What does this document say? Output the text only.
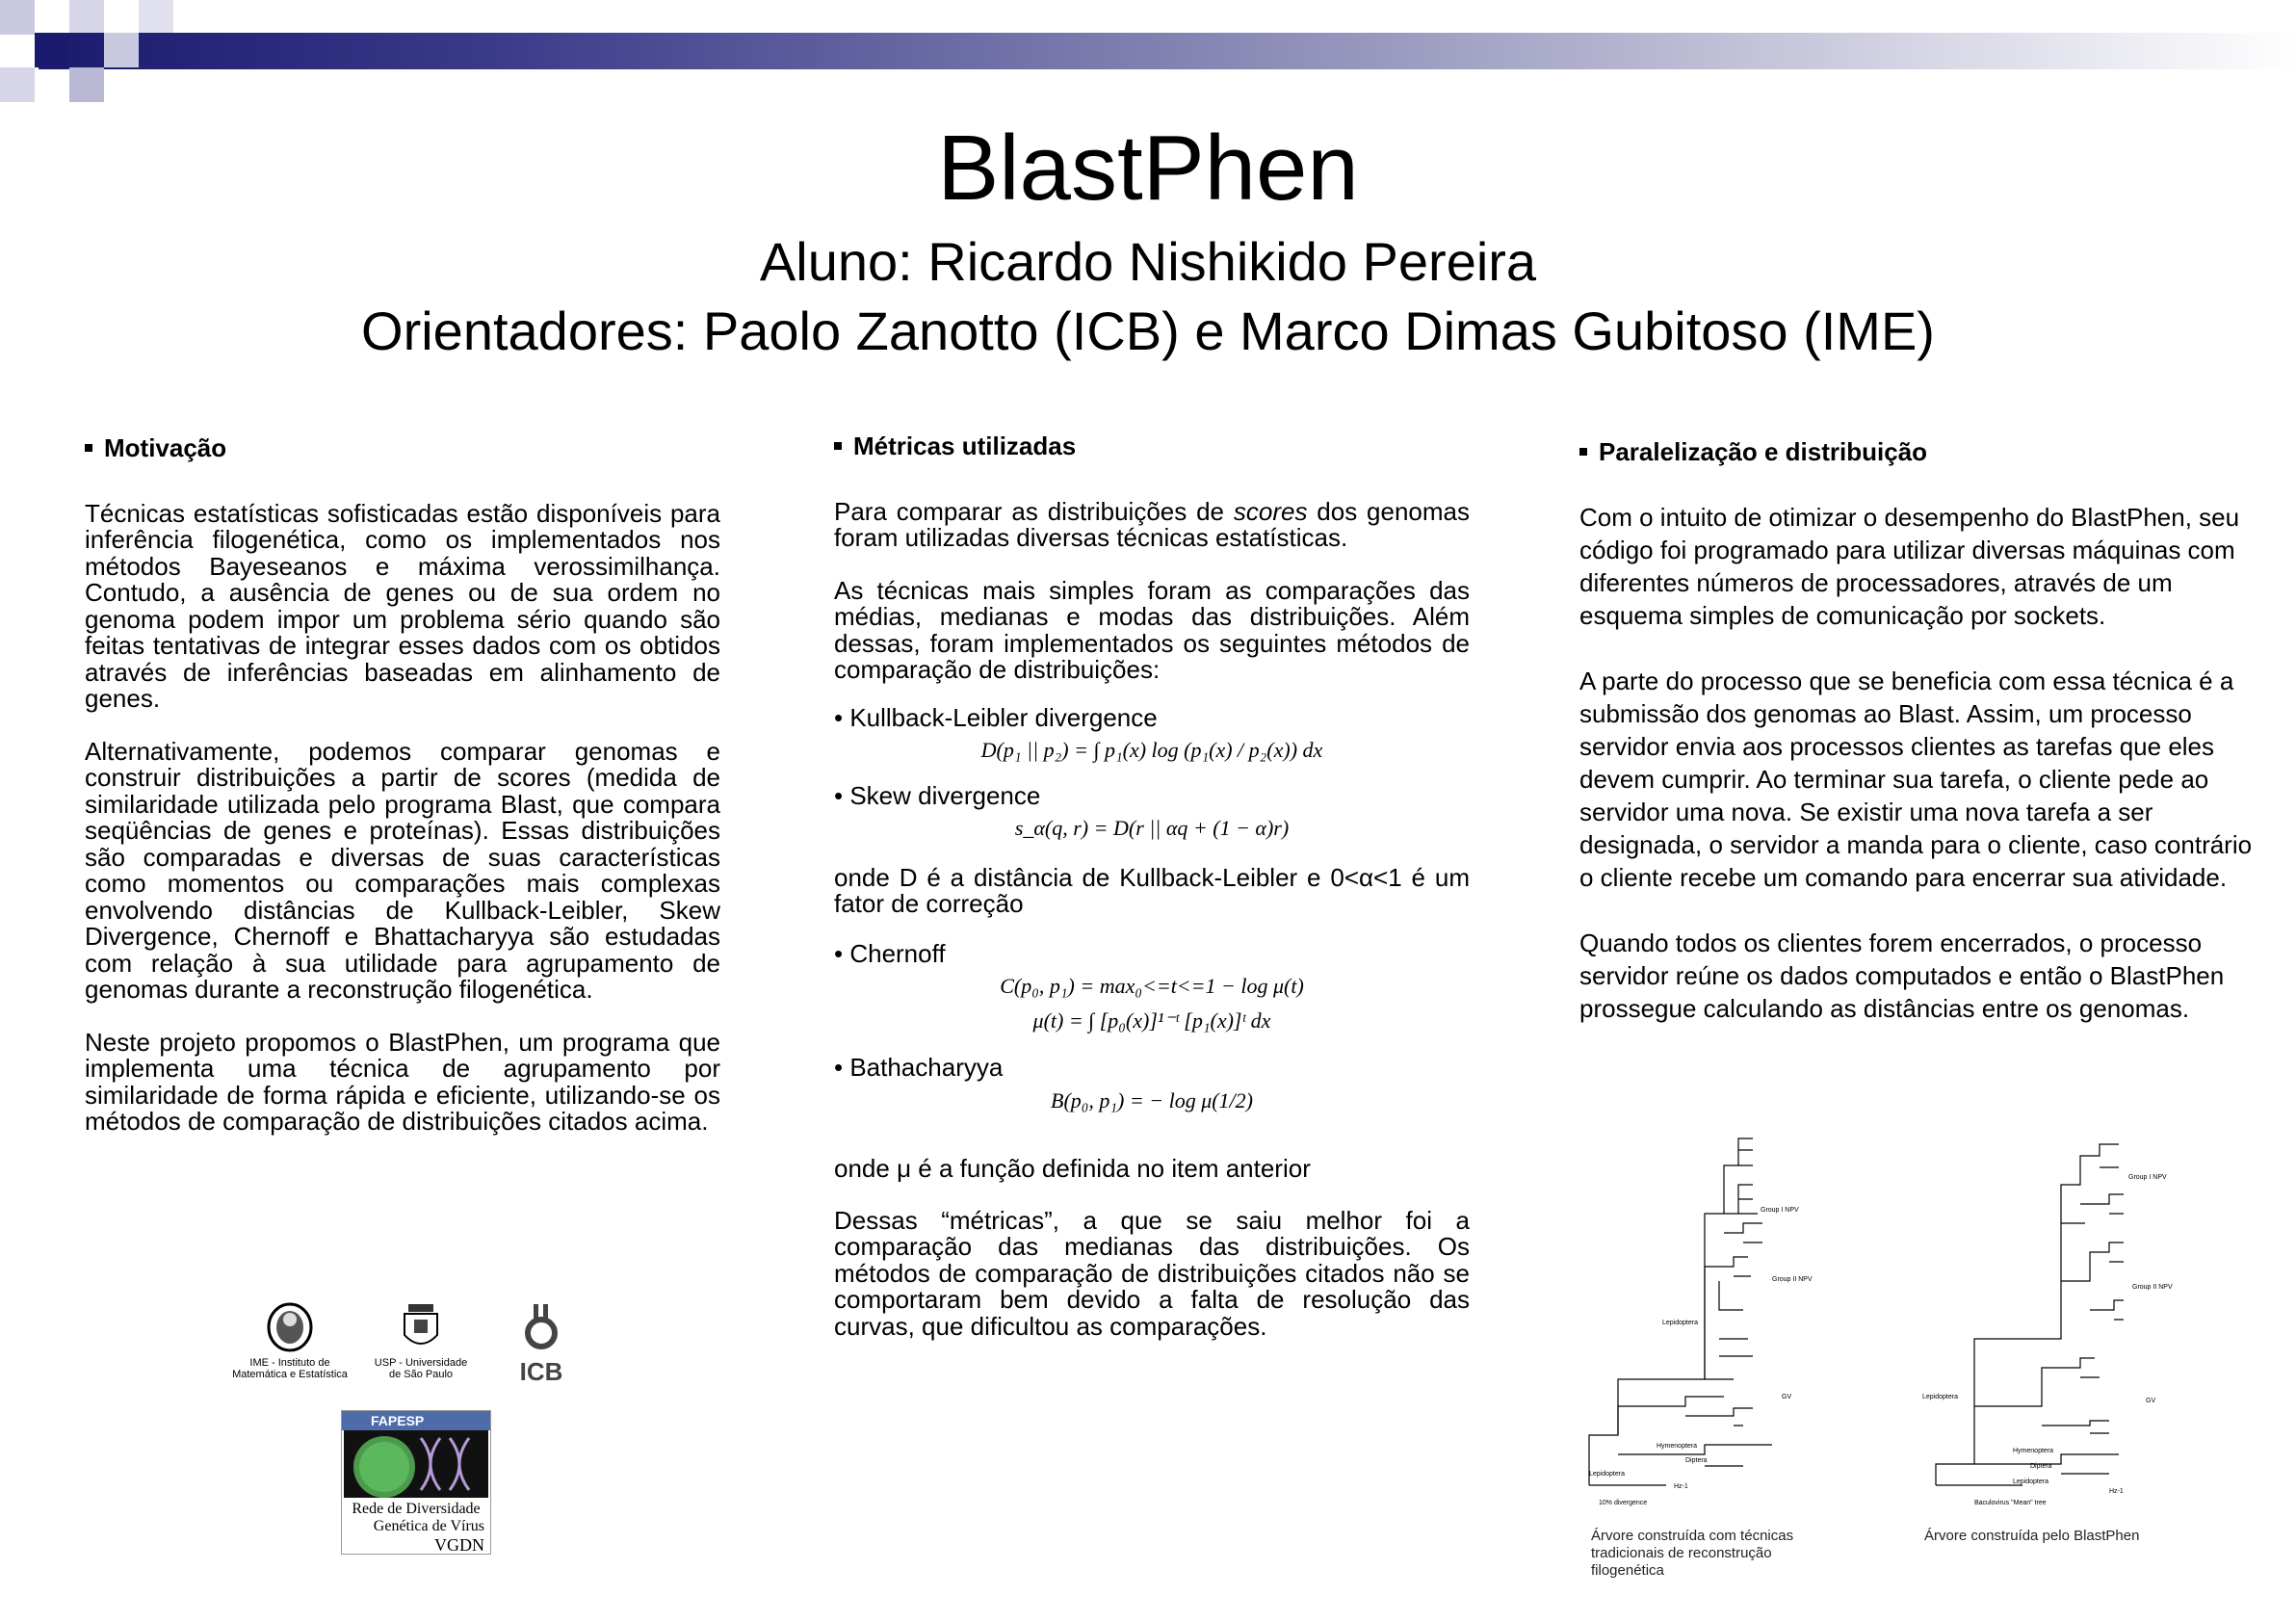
BlastPhen
Aluno: Ricardo Nishikido Pereira
Orientadores: Paolo Zanotto (ICB) e Marco Dimas Gubitoso (IME)
Motivação

Técnicas estatísticas sofisticadas estão disponíveis para inferência filogenética, como os implementados nos métodos Bayeseanos e máxima verossimilhança. Contudo, a ausência de genes ou de sua ordem no genoma podem impor um problema sério quando são feitas tentativas de integrar esses dados com os obtidos através de inferências baseadas em alinhamento de genes.

Alternativamente, podemos comparar genomas e construir distribuições a partir de scores (medida de similaridade utilizada pelo programa Blast, que compara seqüências de genes e proteínas). Essas distribuições são comparadas e diversas de suas características como momentos ou comparações mais complexas envolvendo distâncias de Kullback-Leibler, Skew Divergence, Chernoff e Bhattacharyya são estudadas com relação à sua utilidade para agrupamento de genomas durante a reconstrução filogenética.

Neste projeto propomos o BlastPhen, um programa que implementa uma técnica de agrupamento por similaridade de forma rápida e eficiente, utilizando-se os métodos de comparação de distribuições citados acima.

IME - Instituto de Matemática e Estatística
USP - Universidade de São Paulo	ICB
FAPESP
Rede de Diversidade
Genética de Vírus
VGDN
Métricas utilizadas

Para comparar as distribuições de scores dos genomas foram utilizadas diversas técnicas estatísticas.

As técnicas mais simples foram as comparações das médias, medianas e modas das distribuições. Além dessas, foram implementados os seguintes métodos de comparação de distribuições:

• Kullback-Leibler divergence
D(p₁ || p₂) = ∫ p₁(x) log (p₁(x) / p₂(x)) dx
• Skew divergence
s_α(q, r) = D(r || αq + (1 − α)r)

onde D é a distância de Kullback-Leibler e 0<α<1 é um fator de correção

• Chernoff
C(p₀, p₁) = max₀<=t<=1 − log μ(t)
μ(t) = ∫ [p₀(x)]¹⁻ᵗ [p₁(x)]ᵗ dx
• Bathacharyya
B(p₀, p₁) = − log μ(1/2)

onde μ é a função definida no item anterior

Dessas “métricas”, a que se saiu melhor foi a comparação das medianas das distribuições. Os métodos de comparação de distribuições citados não se comportaram bem devido a falta de resolução das curvas, que dificultou as comparações.

Paralelização e distribuição

Com o intuito de otimizar o desempenho do BlastPhen, seu código foi programado para utilizar diversas máquinas com diferentes números de processadores, através de um esquema simples de comunicação por sockets.

A parte do processo que se beneficia com essa técnica é a submissão dos genomas ao Blast. Assim, um processo servidor envia aos processos clientes as tarefas que eles devem cumprir. Ao terminar sua tarefa, o cliente pede ao servidor uma nova. Se existir uma nova tarefa a ser designada, o servidor a manda para o cliente, caso contrário o cliente recebe um comando para encerrar sua atividade.

Quando todos os clientes forem encerrados, o processo servidor reúne os dados computados e então o BlastPhen prossegue calculando as distâncias entre os genomas.

Group I NPV
Group II NPV
GV
Lepidoptera
Hymenoptera
Diptera
Lepidoptera
Hz-1
10% divergence
Group I NPV
Group II NPV
GV
Lepidoptera
Hymenoptera
Diptera
Lepidoptera
Hz-1
Baculovirus "Mean" tree
Árvore construída com técnicas tradicionais de reconstrução filogenética
Árvore construída pelo BlastPhen
